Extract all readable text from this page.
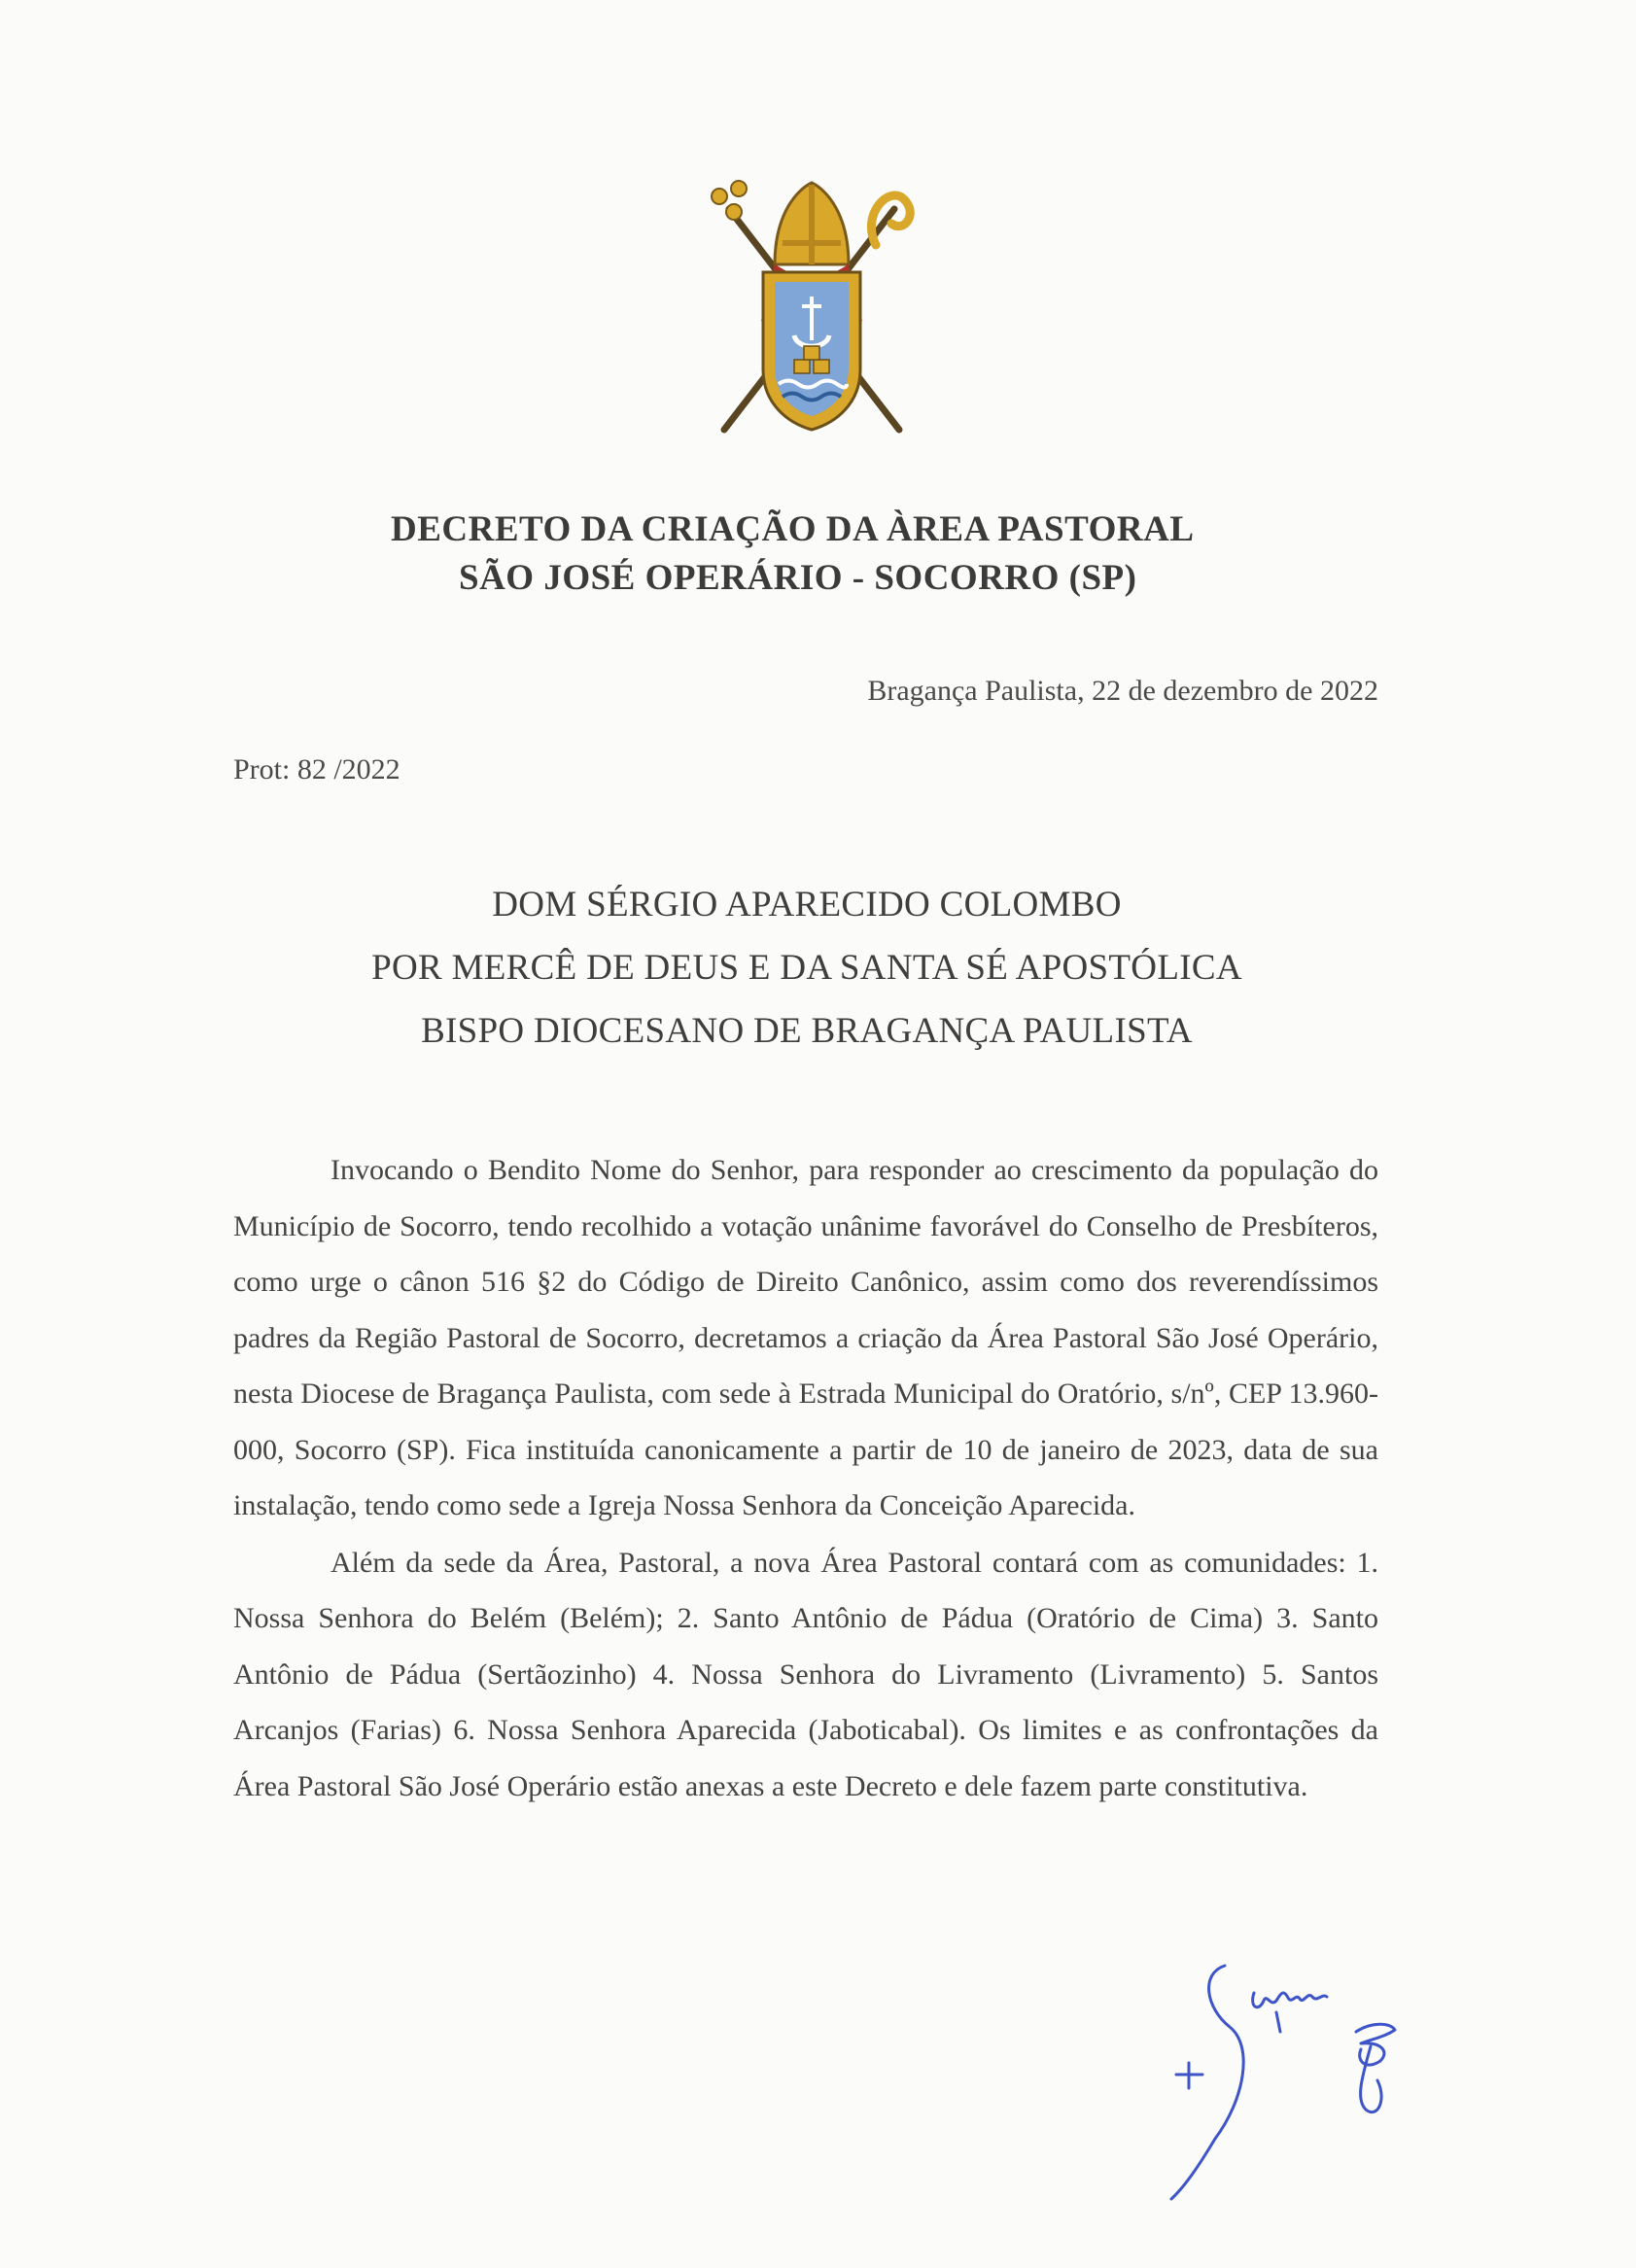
DECRETO DA CRIAÇÃO DA ÀREA PASTORAL
SÃO JOSÉ OPERÁRIO - SOCORRO (SP)
Bragança Paulista, 22 de dezembro de 2022
Prot: 82 /2022
DOM SÉRGIO APARECIDO COLOMBO
POR MERCÊ DE DEUS E DA SANTA SÉ APOSTÓLICA
BISPO DIOCESANO DE BRAGANÇA PAULISTA

Invocando o Bendito Nome do Senhor, para responder ao crescimento da população do Município de Socorro, tendo recolhido a votação unânime favorável do Conselho de Presbíteros, como urge o cânon 516 §2 do Código de Direito Canônico, assim como dos reverendíssimos padres da Região Pastoral de Socorro, decretamos a criação da Área Pastoral São José Operário, nesta Diocese de Bragança Paulista, com sede à Estrada Municipal do Oratório, s/nº, CEP 13.960-000, Socorro (SP). Fica instituída canonicamente a partir de 10 de janeiro de 2023, data de sua instalação, tendo como sede a Igreja Nossa Senhora da Conceição Aparecida.

Além da sede da Área, Pastoral, a nova Área Pastoral contará com as comunidades: 1. Nossa Senhora do Belém (Belém); 2. Santo Antônio de Pádua (Oratório de Cima) 3. Santo Antônio de Pádua (Sertãozinho) 4. Nossa Senhora do Livramento (Livramento) 5. Santos Arcanjos (Farias) 6. Nossa Senhora Aparecida (Jaboticabal). Os limites e as confrontações da Área Pastoral São José Operário estão anexas a este Decreto e dele fazem parte constitutiva.
